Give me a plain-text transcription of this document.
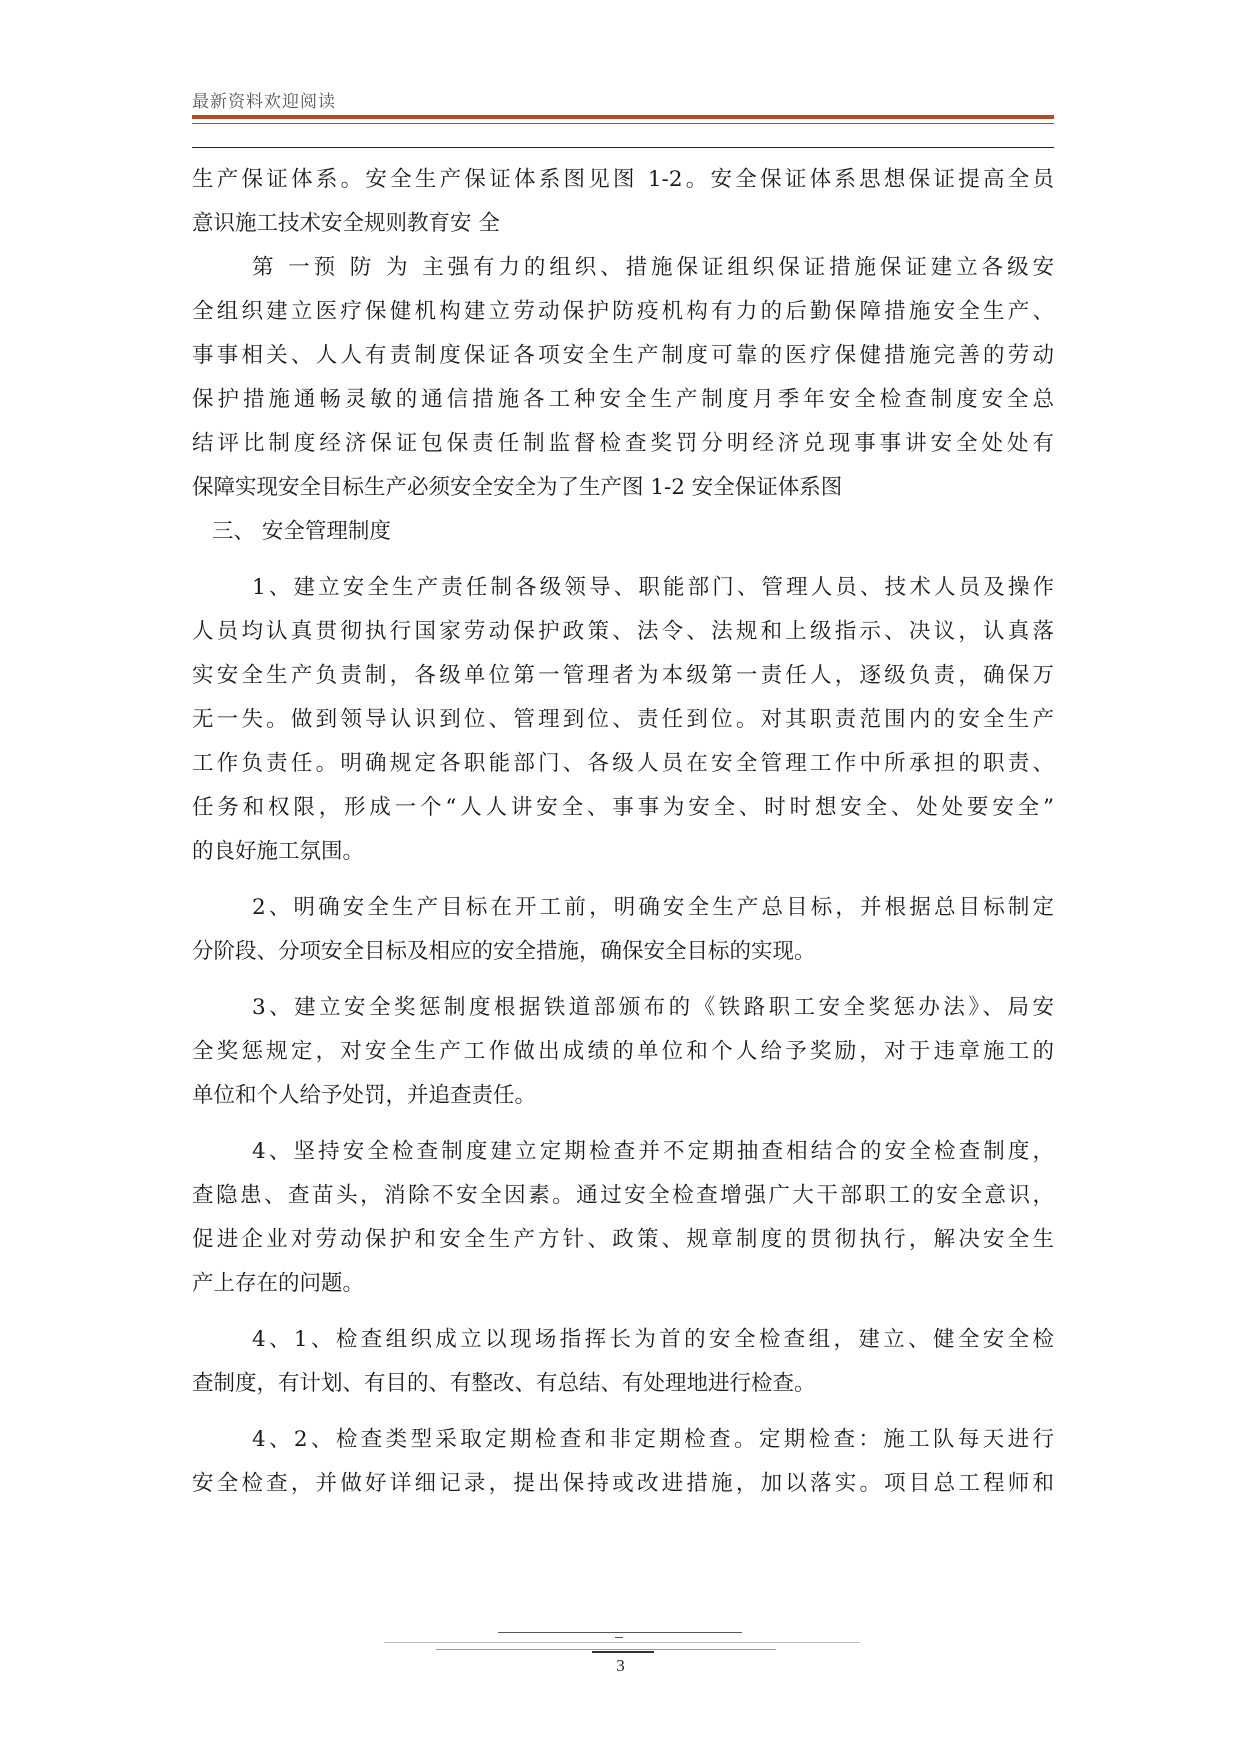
最新资料欢迎阅读
生产保证体系。安全生产保证体系图见图 1-2。安全保证体系思想保证提高全员
意识施工技术安全规则教育安 全
第 一预 防 为 主强有力的组织、措施保证组织保证措施保证建立各级安
全组织建立医疗保健机构建立劳动保护防疫机构有力的后勤保障措施安全生产、
事事相关、人人有责制度保证各项安全生产制度可靠的医疗保健措施完善的劳动
保护措施通畅灵敏的通信措施各工种安全生产制度月季年安全检查制度安全总
结评比制度经济保证包保责任制监督检查奖罚分明经济兑现事事讲安全处处有
保障实现安全目标生产必须安全安全为了生产图 1-2 安全保证体系图
三、 安全管理制度
1、建立安全生产责任制各级领导、职能部门、管理人员、技术人员及操作
人员均认真贯彻执行国家劳动保护政策、法令、法规和上级指示、决议，认真落
实安全生产负责制，各级单位第一管理者为本级第一责任人，逐级负责，确保万
无一失。做到领导认识到位、管理到位、责任到位。对其职责范围内的安全生产
工作负责任。明确规定各职能部门、各级人员在安全管理工作中所承担的职责、
任务和权限，形成一个“人人讲安全、事事为安全、时时想安全、处处要安全”
的良好施工氛围。
2、明确安全生产目标在开工前，明确安全生产总目标，并根据总目标制定
分阶段、分项安全目标及相应的安全措施，确保安全目标的实现。
3、建立安全奖惩制度根据铁道部颁布的《铁路职工安全奖惩办法》、局安
全奖惩规定，对安全生产工作做出成绩的单位和个人给予奖励，对于违章施工的
单位和个人给予处罚，并追查责任。
4、坚持安全检查制度建立定期检查并不定期抽查相结合的安全检查制度，
查隐患、查苗头，消除不安全因素。通过安全检查增强广大干部职工的安全意识，
促进企业对劳动保护和安全生产方针、政策、规章制度的贯彻执行，解决安全生
产上存在的问题。
4、1、检查组织成立以现场指挥长为首的安全检查组，建立、健全安全检
查制度，有计划、有目的、有整改、有总结、有处理地进行检查。
4、2、检查类型采取定期检查和非定期检查。定期检查：施工队每天进行
安全检查，并做好详细记录，提出保持或改进措施，加以落实。项目总工程师和
3
